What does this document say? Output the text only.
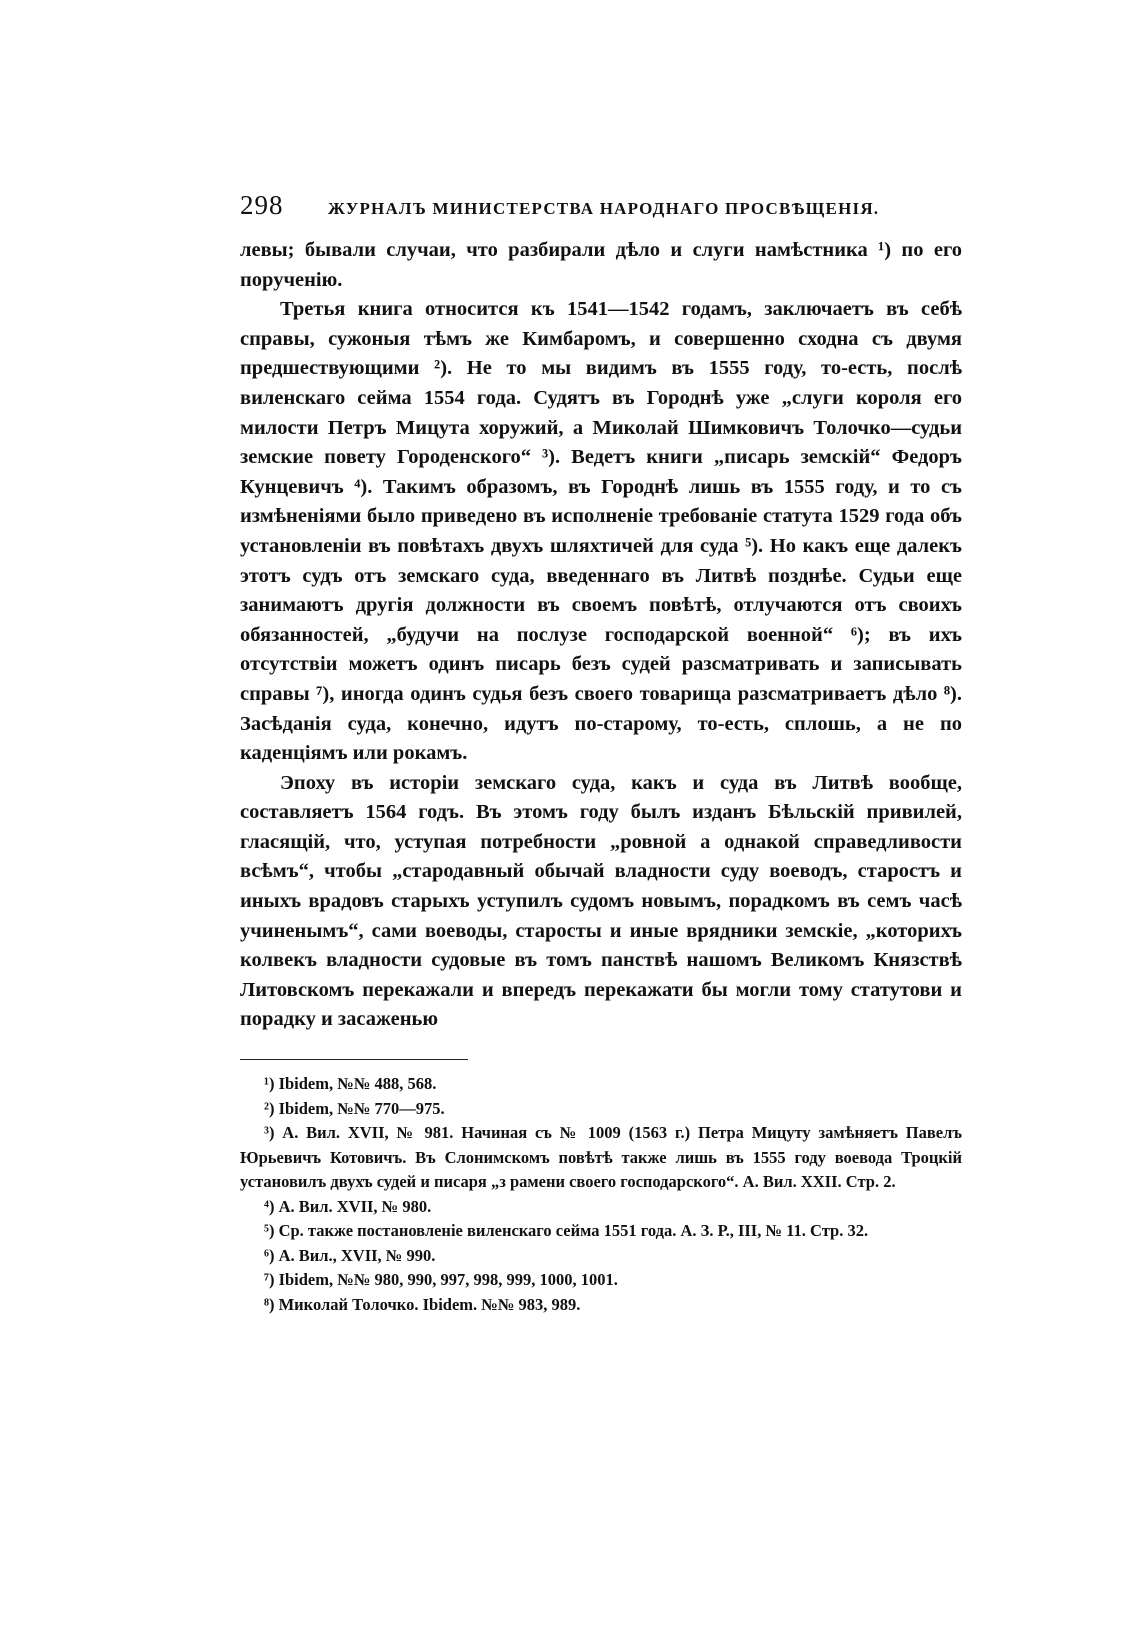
298	ЖУРНАЛЪ МИНИСТЕРСТВА НАРОДНАГО ПРОСВѢЩЕНІЯ.

левы; бывали случаи, что разбирали дѣло и слуги намѣстника ¹) по его порученію.

Третья книга относится къ 1541—1542 годамъ, заключаетъ въ себѣ справы, сужоныя тѣмъ же Кимбаромъ, и совершенно сходна съ двумя предшествующими ²). Не то мы видимъ въ 1555 году, то-есть, послѣ виленскаго сейма 1554 года. Судятъ въ Городнѣ уже „слуги короля его милости Петръ Мицута хоружий, а Миколай Шимковичъ Толочко—судьи земские повету Городенского“ ³). Ведетъ книги „писарь земскій“ Федоръ Кунцевичъ ⁴). Такимъ образомъ, въ Городнѣ лишь въ 1555 году, и то съ измѣненіями было приведено въ исполненіе требованіе статута 1529 года объ установленіи въ повѣтахъ двухъ шляхтичей для суда ⁵). Но какъ еще далекъ этотъ судъ отъ земскаго суда, введеннаго въ Литвѣ позднѣе. Судьи еще занимаютъ другія должности въ своемъ повѣтѣ, отлучаются отъ своихъ обязанностей, „будучи на послузе господарской военной“ ⁶); въ ихъ отсутствіи можетъ одинъ писарь безъ судей разсматривать и записывать справы ⁷), иногда одинъ судья безъ своего товарища разсматриваетъ дѣло ⁸). Засѣданія суда, конечно, идутъ по-старому, то-есть, сплошь, а не по каденціямъ или рокамъ.

Эпоху въ исторіи земскаго суда, какъ и суда въ Литвѣ вообще, составляетъ 1564 годъ. Въ этомъ году былъ изданъ Бѣльскій привилей, гласящій, что, уступая потребности „ровной а однакой справедливости всѣмъ“, чтобы „стародавный обычай владности суду воеводъ, старостъ и иныхъ врадовъ старыхъ уступилъ судомъ новымъ, порадкомъ въ семъ часѣ учиненымъ“, сами воеводы, старосты и иные врядники земскіе, „которихъ колвекъ владности судовые въ томъ панствѣ нашомъ Великомъ Князствѣ Литовскомъ перекажали и впередъ перекажати бы могли тому статутови и порадку и засаженью

¹) Ibidem, №№ 488, 568.

²) Ibidem, №№ 770—975.

³) А. Вил. XVII, № 981. Начиная съ № 1009 (1563 г.) Петра Мицуту замѣняетъ Павелъ Юрьевичъ Котовичъ. Въ Слонимскомъ повѣтѣ также лишь въ 1555 году воевода Троцкій установилъ двухъ судей и писаря „з рамени своего господарского“. А. Вил. XXII. Стр. 2.

⁴) А. Вил. XVII, № 980.

⁵) Ср. также постановленіе виленскаго сейма 1551 года. А. З. Р., III, № 11. Стр. 32.

⁶) А. Вил., XVII, № 990.

⁷) Ibidem, №№ 980, 990, 997, 998, 999, 1000, 1001.

⁸) Миколай Толочко. Ibidem. №№ 983, 989.
